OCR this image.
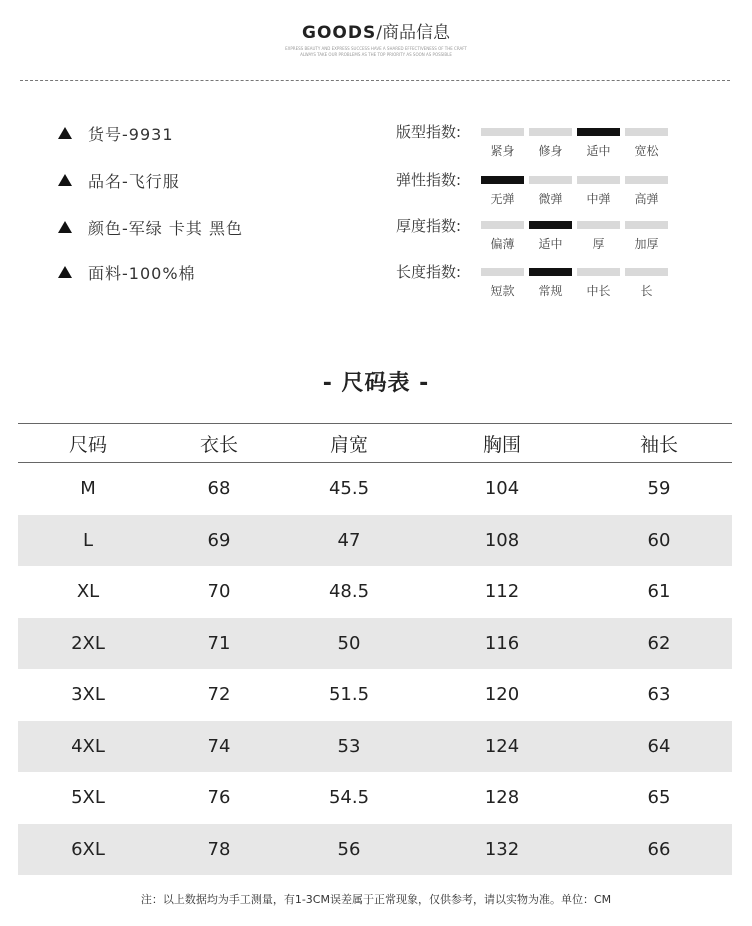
GOODS/商品信息
EXPRESS BEAUTY AND EXPRESS SUCCESS HAVE A SHARED EFFECTIVENESS OF THE CRAFT
ALWAYS TAKE OUR PROBLEMS AS THE TOP PRIORITY AS SOON AS POSSIBLE
货号-9931
品名-飞行服
颜色-军绿 卡其 黑色
面料-100%棉
版型指数:
紧身 修身 适中 宽松
弹性指数:
无弹 微弹 中弹 高弹
厚度指数:
偏薄 适中 厚 加厚
长度指数:
短款 常规 中长 长
- 尺码表 -
尺码	衣长	肩宽	胸围	袖长
M	68	45.5	104	59
L	69	47	108	60
XL	70	48.5	112	61
2XL	71	50	116	62
3XL	72	51.5	120	63
4XL	74	53	124	64
5XL	76	54.5	128	65
6XL	78	56	132	66
注：以上数据均为手工测量，有1-3CM误差属于正常现象，仅供参考，请以实物为准。单位：CM
